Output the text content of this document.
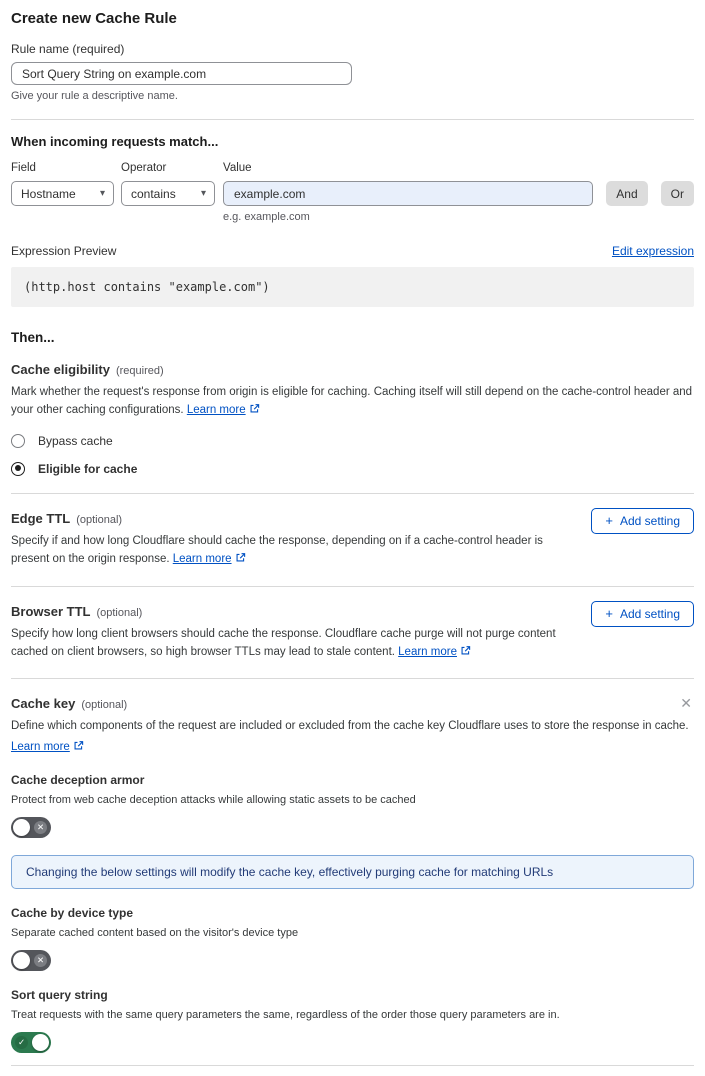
Create new Cache Rule
Rule name (required)
Sort Query String on example.com
Give your rule a descriptive name.
When incoming requests match...
Field
Hostname ▾
Operator
contains	▾
Value
example.com
e.g. example.com
And	Or
Expression Preview	Edit expression
(http.host contains "example.com")
Then...
Cache eligibility (required)
Mark whether the request's response from origin is eligible for caching. Caching itself will still depend on the cache-control header and your other caching configurations. Learn more
Bypass cache
Eligible for cache
Edge TTL (optional)	+ Add setting
Specify if and how long Cloudflare should cache the response, depending on if a cache-control header is present on the origin response. Learn more
Browser TTL (optional)	+ Add setting
Specify how long client browsers should cache the response. Cloudflare cache purge will not purge content cached on client browsers, so high browser TTLs may lead to stale content. Learn more
Cache key (optional)	✕
Define which components of the request are included or excluded from the cache key Cloudflare uses to store the response in cache.
Learn more
Cache deception armor
Protect from web cache deception attacks while allowing static assets to be cached
✕
Changing the below settings will modify the cache key, effectively purging cache for matching URLs
Cache by device type
Separate cached content based on the visitor's device type
✕
Sort query string
Treat requests with the same query parameters the same, regardless of the order those query parameters are in.
✓
